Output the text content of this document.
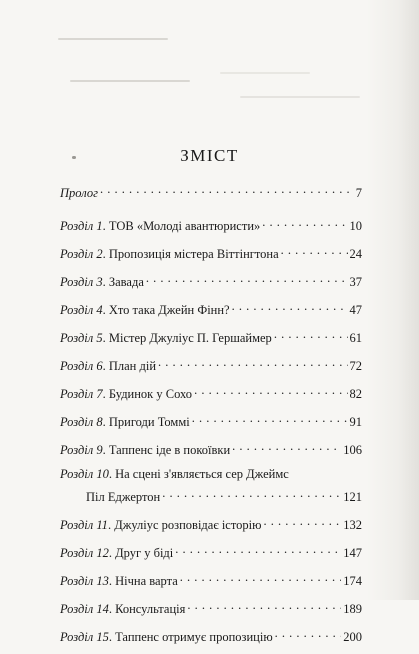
ЗМІСТ
Пролог . . .	7
Розділ 1. ТОВ «Молоді авантюристи» . . .	10
Розділ 2. Пропозиція містера Віттінгтона . . .	24
Розділ 3. Завада . . .	37
Розділ 4. Хто така Джейн Фінн? . . .	47
Розділ 5. Містер Джуліус П. Гершаймер . . .	61
Розділ 6. План дій . . .	72
Розділ 7. Будинок у Сохо . . .	82
Розділ 8. Пригоди Томмі . . .	91
Розділ 9. Таппенс іде в покоївки . . .	106
Розділ 10. На сцені з'являється сер Джеймс
Піл Еджертон . . .	121
Розділ 11. Джуліус розповідає історію . . .	132
Розділ 12. Друг у біді . . .	147
Розділ 13. Нічна варта . . .	174
Розділ 14. Консультація . . .	189
Розділ 15. Таппенс отримує пропозицію . . .	200
